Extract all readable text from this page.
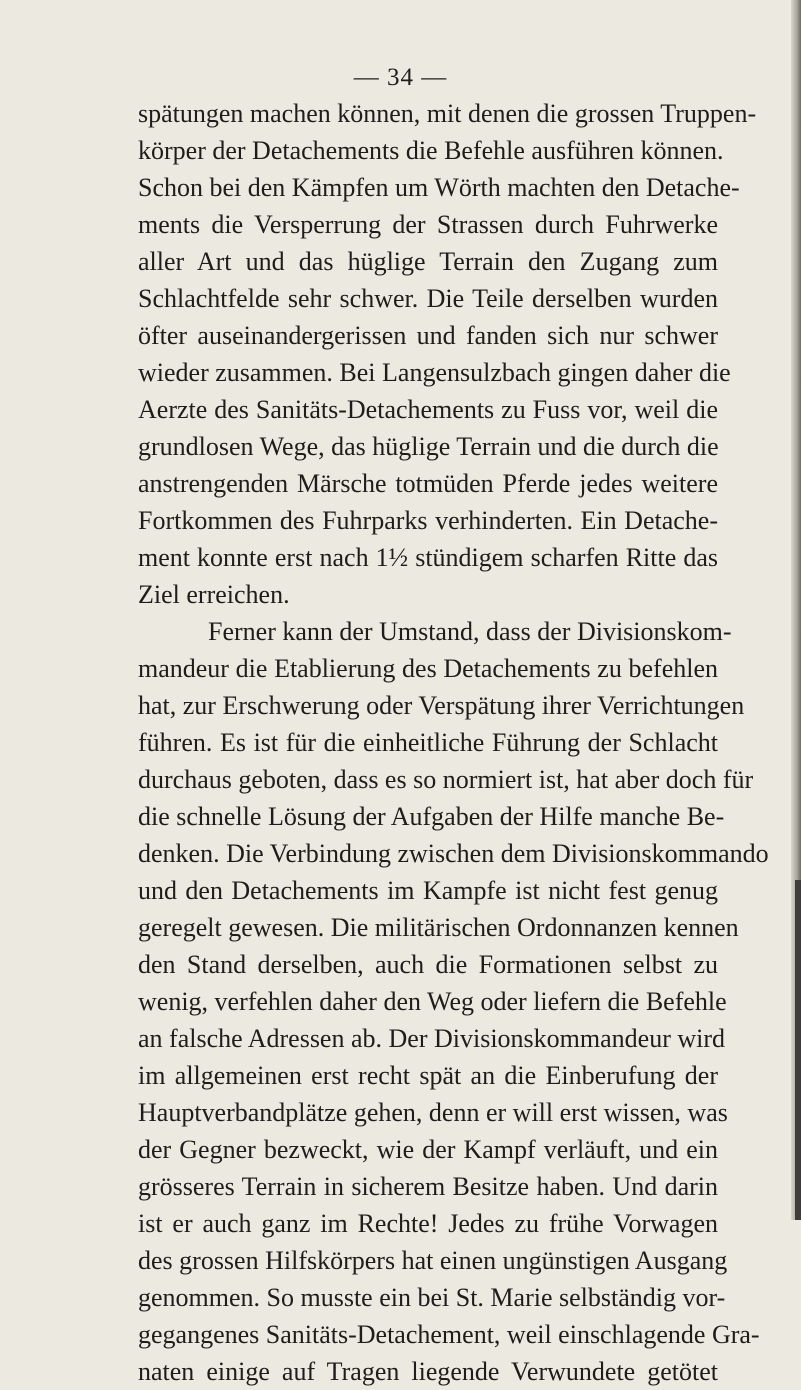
— 34 —
spätungen machen können, mit denen die grossen Truppen-
körper der Detachements die Befehle ausführen können.
Schon bei den Kämpfen um Wörth machten den Detache-
ments die Versperrung der Strassen durch Fuhrwerke
aller Art und das hüglige Terrain den Zugang zum
Schlachtfelde sehr schwer. Die Teile derselben wurden
öfter auseinandergerissen und fanden sich nur schwer
wieder zusammen. Bei Langensulzbach gingen daher die
Aerzte des Sanitäts-Detachements zu Fuss vor, weil die
grundlosen Wege, das hüglige Terrain und die durch die
anstrengenden Märsche totmüden Pferde jedes weitere
Fortkommen des Fuhrparks verhinderten. Ein Detache-
ment konnte erst nach 1½ stündigem scharfen Ritte das
Ziel erreichen.
Ferner kann der Umstand, dass der Divisionskom-
mandeur die Etablierung des Detachements zu befehlen
hat, zur Erschwerung oder Verspätung ihrer Verrichtungen
führen. Es ist für die einheitliche Führung der Schlacht
durchaus geboten, dass es so normiert ist, hat aber doch für
die schnelle Lösung der Aufgaben der Hilfe manche Be-
denken. Die Verbindung zwischen dem Divisionskommando
und den Detachements im Kampfe ist nicht fest genug
geregelt gewesen. Die militärischen Ordonnanzen kennen
den Stand derselben, auch die Formationen selbst zu
wenig, verfehlen daher den Weg oder liefern die Befehle
an falsche Adressen ab. Der Divisionskommandeur wird
im allgemeinen erst recht spät an die Einberufung der
Hauptverbandplätze gehen, denn er will erst wissen, was
der Gegner bezweckt, wie der Kampf verläuft, und ein
grösseres Terrain in sicherem Besitze haben. Und darin
ist er auch ganz im Rechte! Jedes zu frühe Vorwagen
des grossen Hilfskörpers hat einen ungünstigen Ausgang
genommen. So musste ein bei St. Marie selbständig vor-
gegangenes Sanitäts-Detachement, weil einschlagende Gra-
naten einige auf Tragen liegende Verwundete getötet
